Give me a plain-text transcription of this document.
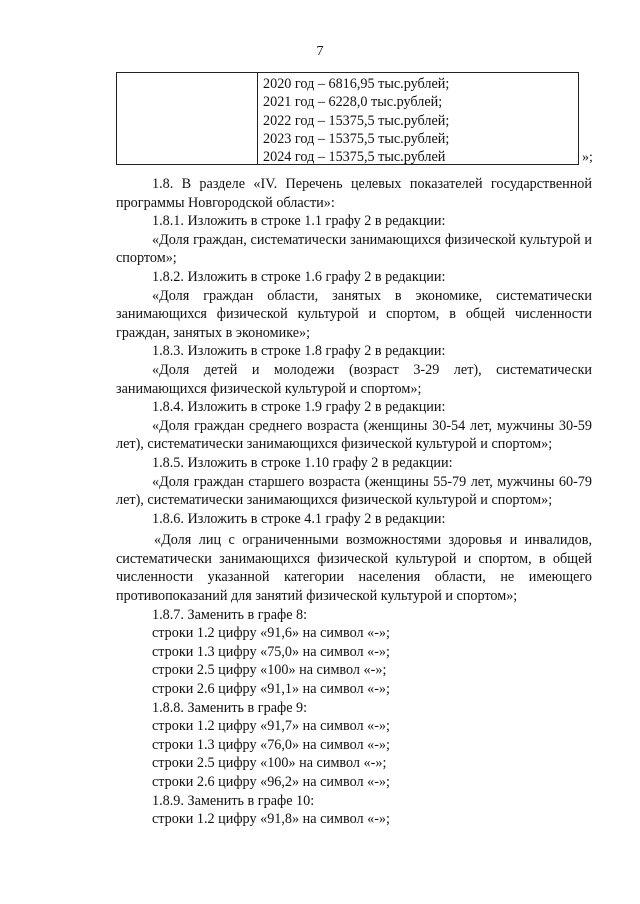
7
2020 год – 6816,95 тыс.рублей;
2021 год – 6228,0 тыс.рублей;
2022 год – 15375,5 тыс.рублей;
2023 год – 15375,5 тыс.рублей;
2024 год – 15375,5 тыс.рублей	»;

1.8. В разделе «IV. Перечень целевых показателей государственной программы Новгородской области»:

1.8.1. Изложить в строке 1.1 графу 2 в редакции:

«Доля граждан, систематически занимающихся физической культурой и спортом»;

1.8.2. Изложить в строке 1.6 графу 2 в редакции:

«Доля граждан области, занятых в экономике, систематически занимающихся физической культурой и спортом, в общей численности граждан, занятых в экономике»;

1.8.3. Изложить в строке 1.8 графу 2 в редакции:

«Доля детей и молодежи (возраст 3-29 лет), систематически занимающихся физической культурой и спортом»;

1.8.4. Изложить в строке 1.9 графу 2 в редакции:

«Доля граждан среднего возраста (женщины 30-54 лет, мужчины 30-59 лет), систематически занимающихся физической культурой и спортом»;

1.8.5. Изложить в строке 1.10 графу 2 в редакции:

«Доля граждан старшего возраста (женщины 55-79 лет, мужчины 60-79 лет), систематически занимающихся физической культурой и спортом»;

1.8.6. Изложить в строке 4.1 графу 2 в редакции:

«Доля лиц с ограниченными возможностями здоровья и инвалидов, систематически занимающихся физической культурой и спортом, в общей численности указанной категории населения области, не имеющего противопоказаний для занятий физической культурой и спортом»;

1.8.7. Заменить в графе 8:

строки 1.2 цифру «91,6» на символ «-»;

строки 1.3 цифру «75,0» на символ «-»;

строки 2.5 цифру «100» на символ «-»;

строки 2.6 цифру «91,1» на символ «-»;

1.8.8. Заменить в графе 9:

строки 1.2 цифру «91,7» на символ «-»;

строки 1.3 цифру «76,0» на символ «-»;

строки 2.5 цифру «100» на символ «-»;

строки 2.6 цифру «96,2» на символ «-»;

1.8.9. Заменить в графе 10:

строки 1.2 цифру «91,8» на символ «-»;
